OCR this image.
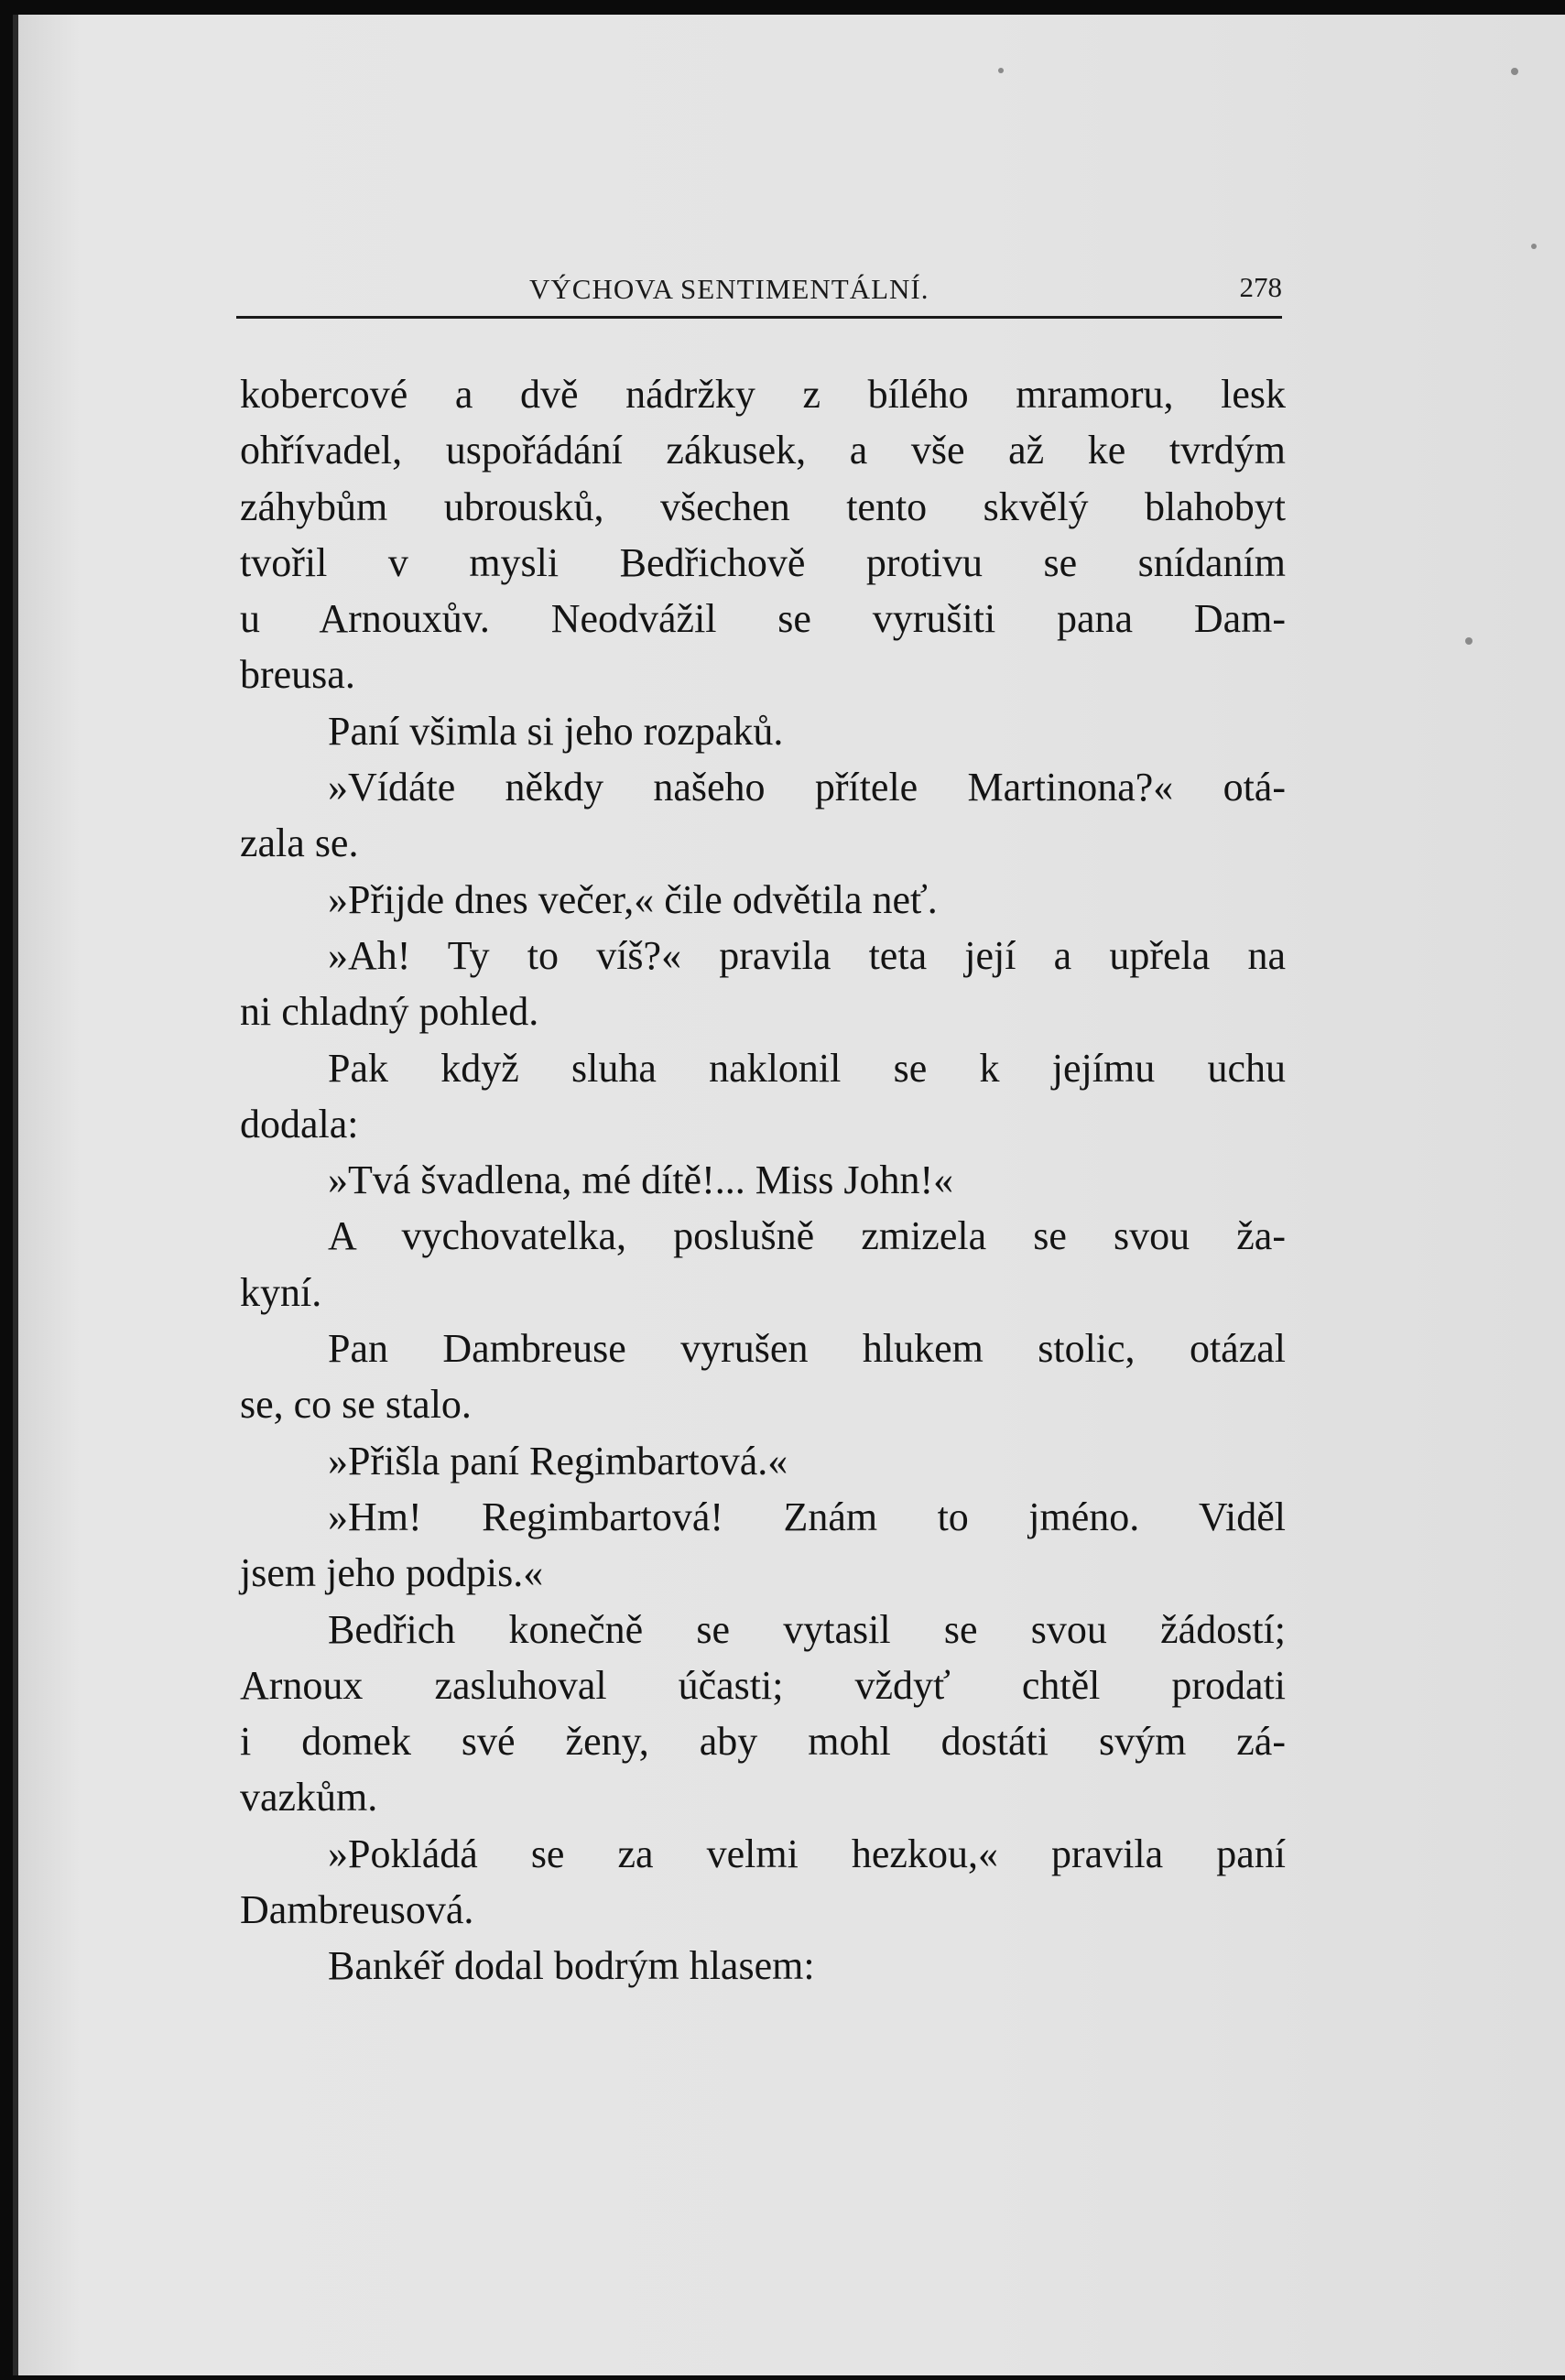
VÝCHOVA SENTIMENTÁLNÍ.	278
kobercové a dvě nádržky z bílého mramoru, lesk
ohřívadel, uspořádání zákusek, a vše až ke tvrdým
záhybům ubrousků, všechen tento skvělý blahobyt
tvořil v mysli Bedřichově protivu se snídaním
u Arnouxův. Neodvážil se vyrušiti pana Dam-
breusa.
Paní všimla si jeho rozpaků.
»Vídáte někdy našeho přítele Martinona?« otá-
zala se.
»Přijde dnes večer,« čile odvětila neť.
»Ah! Ty to víš?« pravila teta její a upřela na
ni chladný pohled.
Pak když sluha naklonil se k jejímu uchu
dodala:
»Tvá švadlena, mé dítě!... Miss John!«
A vychovatelka, poslušně zmizela se svou ža-
kyní.
Pan Dambreuse vyrušen hlukem stolic, otázal
se, co se stalo.
»Přišla paní Regimbartová.«
»Hm! Regimbartová! Znám to jméno. Viděl
jsem jeho podpis.«
Bedřich konečně se vytasil se svou žádostí;
Arnoux zasluhoval účasti; vždyť chtěl prodati
i domek své ženy, aby mohl dostáti svým zá-
vazkům.
»Pokládá se za velmi hezkou,« pravila paní
Dambreusová.
Bankéř dodal bodrým hlasem:
